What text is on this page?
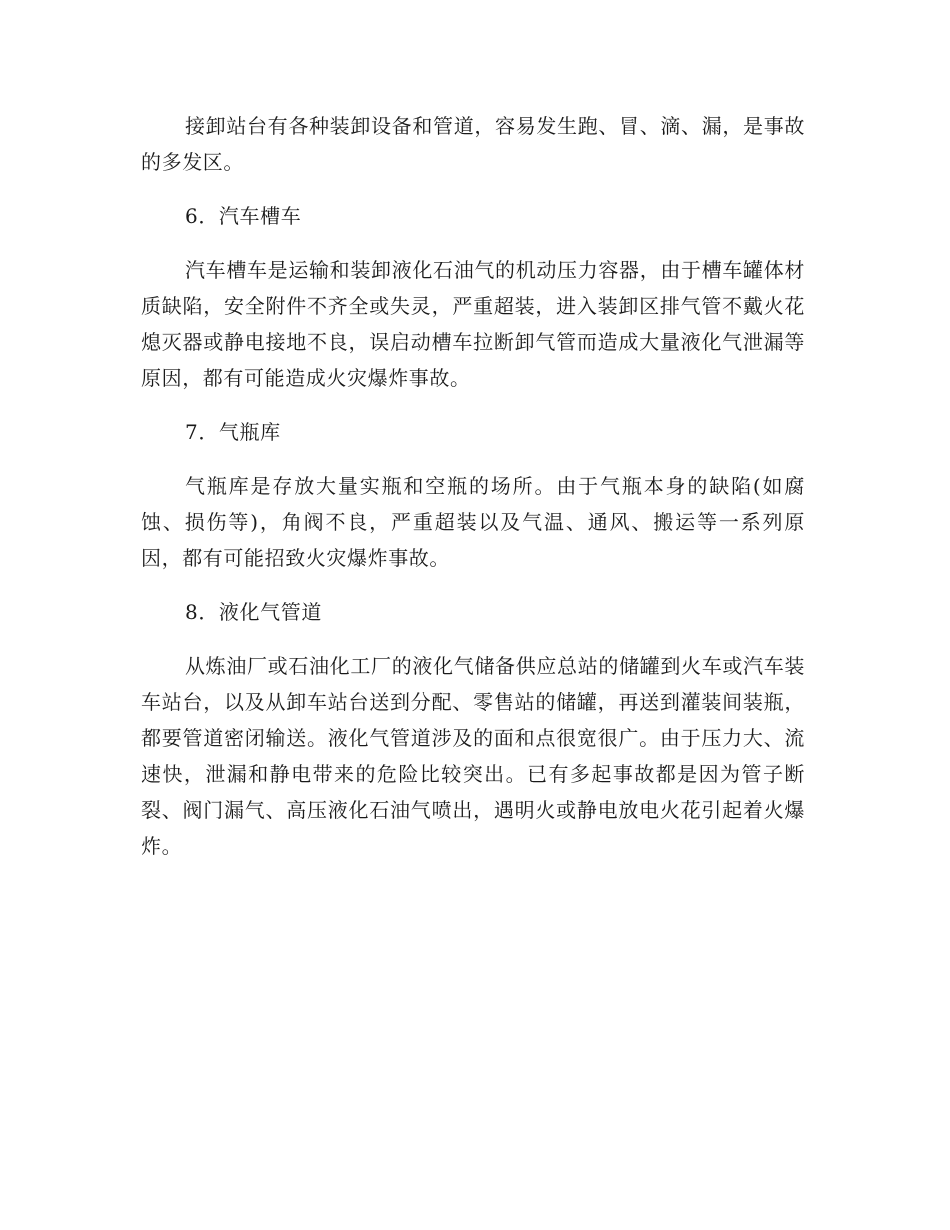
接卸站台有各种装卸设备和管道，容易发生跑、冒、滴、漏，是事故的多发区。

6．汽车槽车

汽车槽车是运输和装卸液化石油气的机动压力容器，由于槽车罐体材质缺陷，安全附件不齐全或失灵，严重超装，进入装卸区排气管不戴火花熄灭器或静电接地不良，误启动槽车拉断卸气管而造成大量液化气泄漏等原因，都有可能造成火灾爆炸事故。

7．气瓶库

气瓶库是存放大量实瓶和空瓶的场所。由于气瓶本身的缺陷(如腐蚀、损伤等)，角阀不良，严重超装以及气温、通风、搬运等一系列原因，都有可能招致火灾爆炸事故。

8．液化气管道

从炼油厂或石油化工厂的液化气储备供应总站的储罐到火车或汽车装车站台，以及从卸车站台送到分配、零售站的储罐，再送到灌装间装瓶，都要管道密闭输送。液化气管道涉及的面和点很宽很广。由于压力大、流速快，泄漏和静电带来的危险比较突出。已有多起事故都是因为管子断裂、阀门漏气、高压液化石油气喷出，遇明火或静电放电火花引起着火爆炸。
